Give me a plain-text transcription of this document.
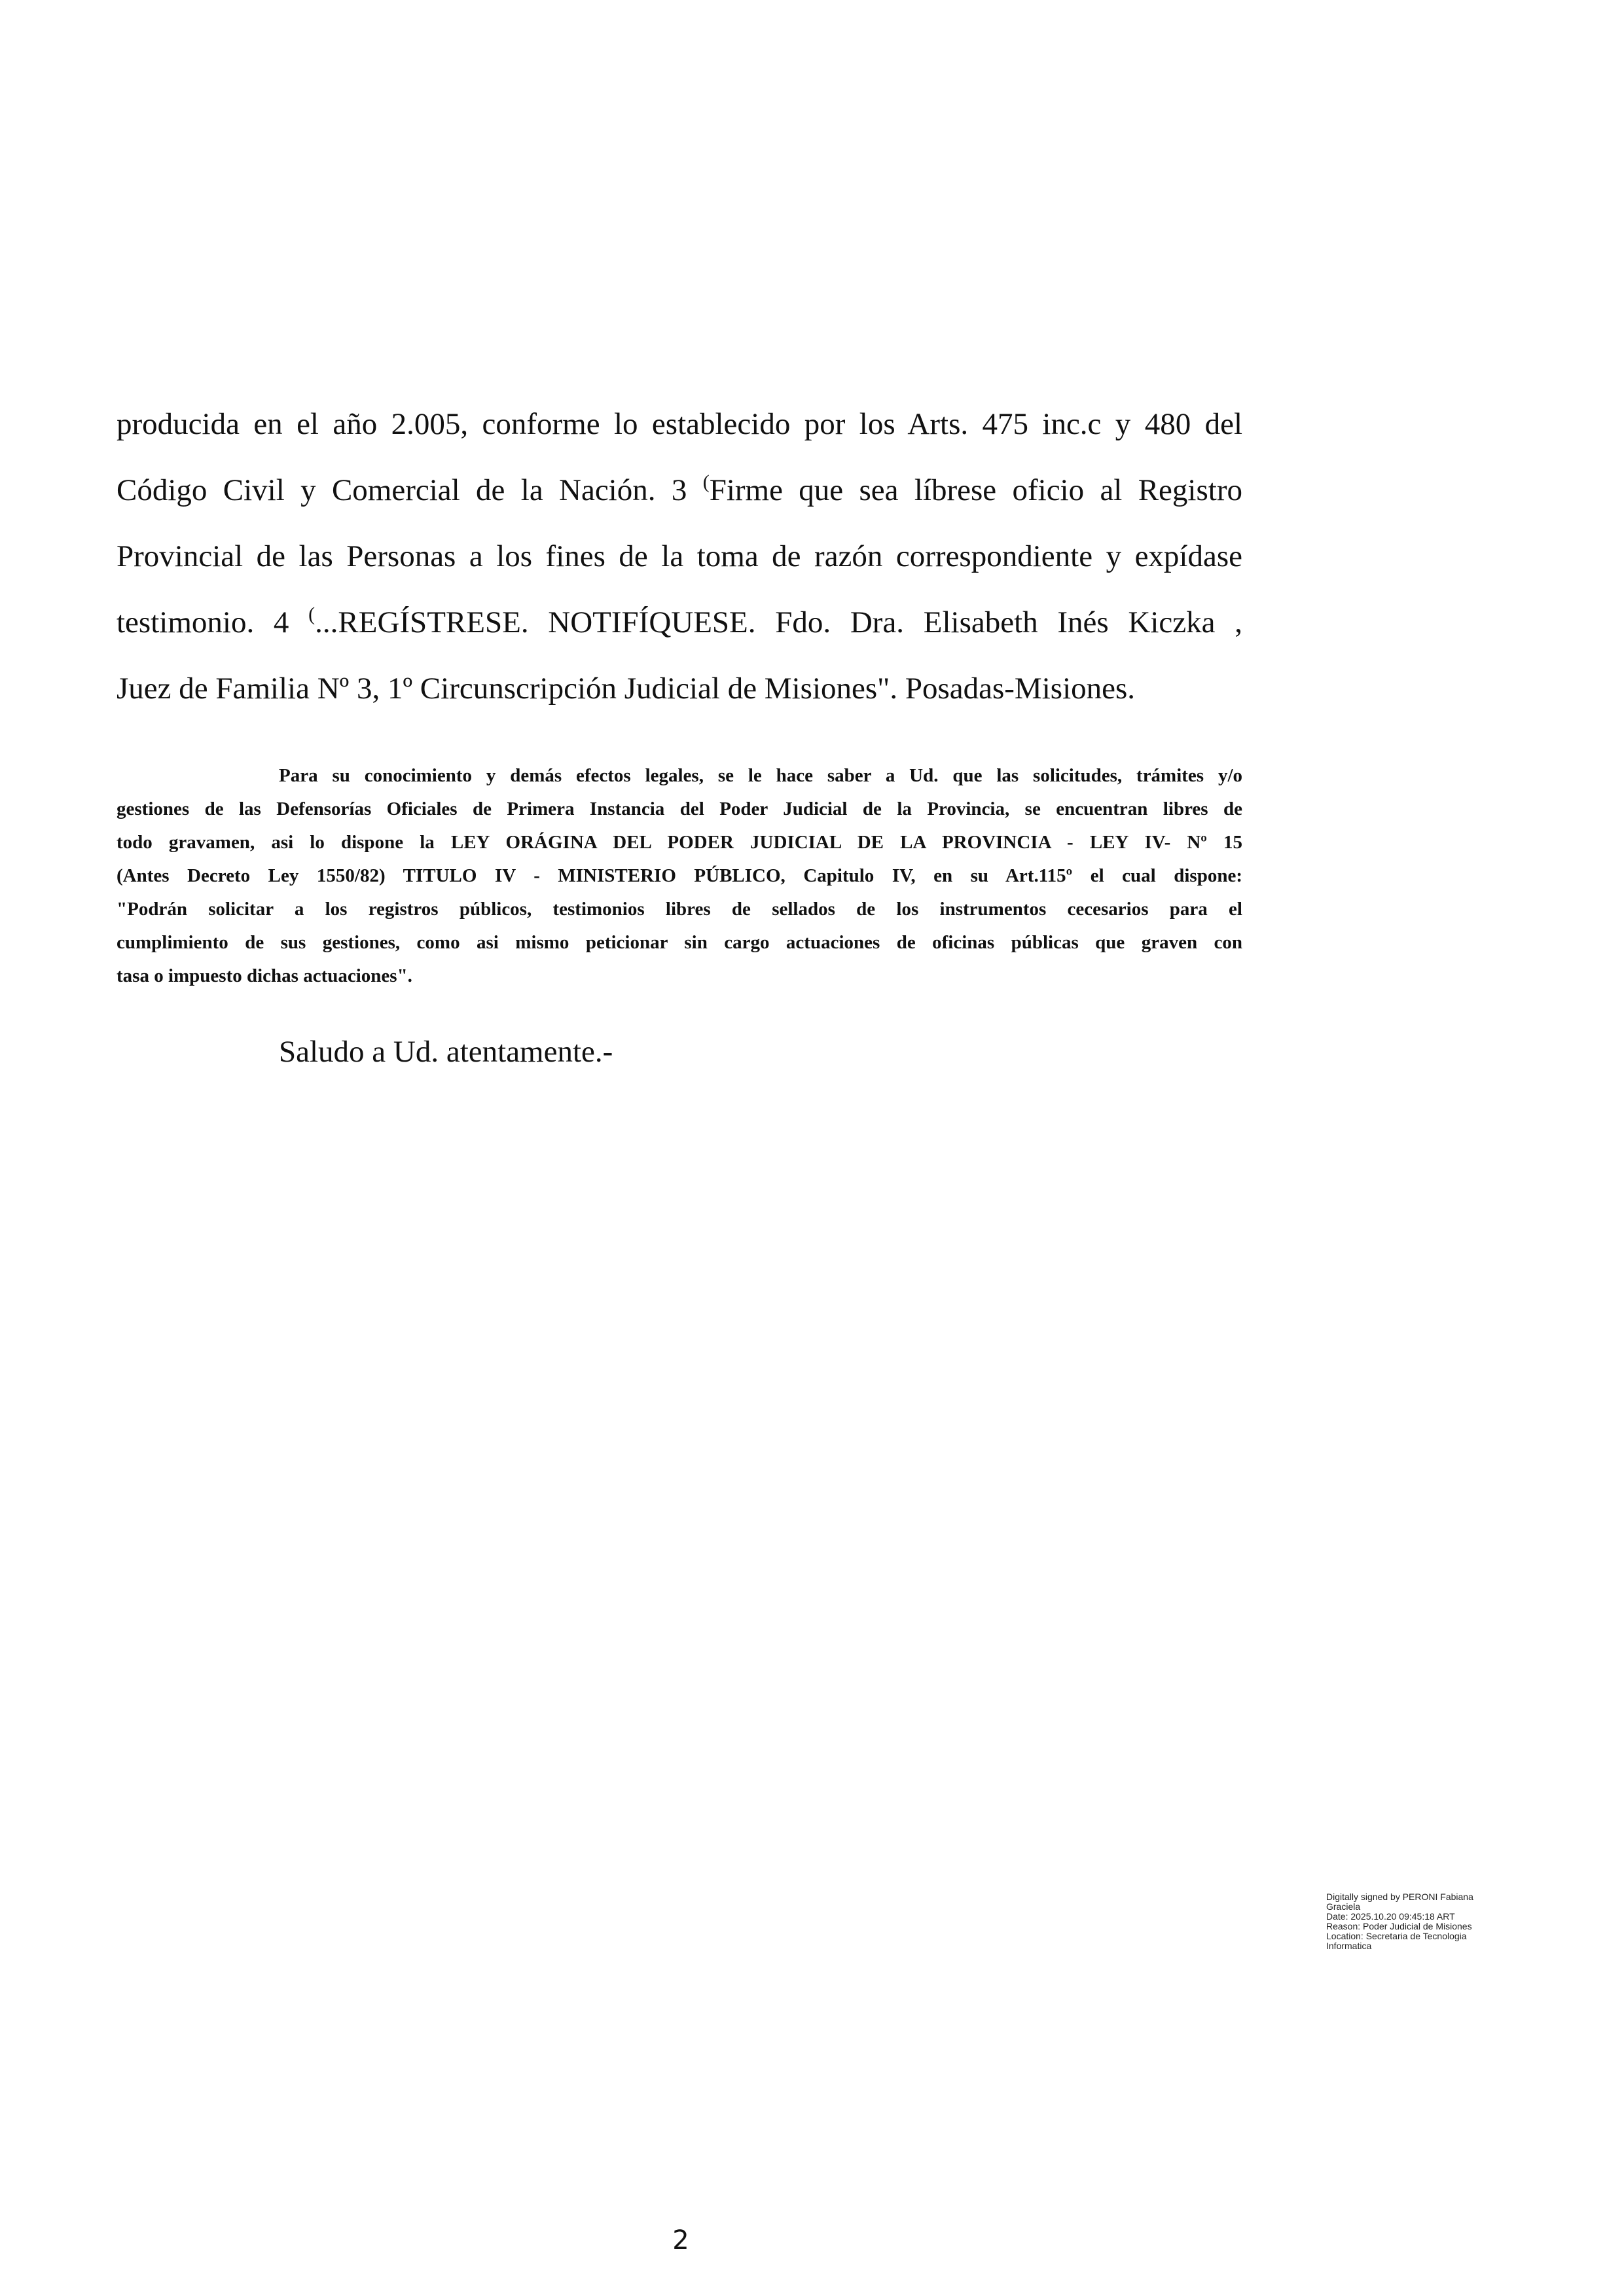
producida en el año 2.005, conforme lo establecido por los Arts. 475 inc.c y 480 del
Código Civil y Comercial de la Nación. 3 (Firme que sea líbrese oficio al Registro
Provincial de las Personas a los fines de la toma de razón correspondiente y expídase
testimonio. 4 (...REGÍSTRESE. NOTIFÍQUESE. Fdo. Dra. Elisabeth Inés Kiczka ,
Juez de Familia Nº 3, 1º Circunscripción Judicial de Misiones". Posadas-Misiones.
Para su conocimiento y demás efectos legales, se le hace saber a Ud. que las solicitudes, trámites y/o
gestiones de las Defensorías Oficiales de Primera Instancia del Poder Judicial de la Provincia, se encuentran libres de
todo gravamen, asi lo dispone la LEY ORÁGINA DEL PODER JUDICIAL DE LA PROVINCIA - LEY IV- Nº 15
(Antes Decreto Ley 1550/82) TITULO IV - MINISTERIO PÚBLICO, Capitulo IV, en su Art.115º el cual dispone:
"Podrán solicitar a los registros públicos, testimonios libres de sellados de los instrumentos cecesarios para el
cumplimiento de sus gestiones, como asi mismo peticionar sin cargo actuaciones de oficinas públicas que graven con
tasa o impuesto dichas actuaciones".
Saludo a Ud. atentamente.-
Digitally signed by PERONI Fabiana
Graciela
Date: 2025.10.20 09:45:18 ART
Reason: Poder Judicial de Misiones
Location: Secretaria de Tecnologia
Informatica
2
